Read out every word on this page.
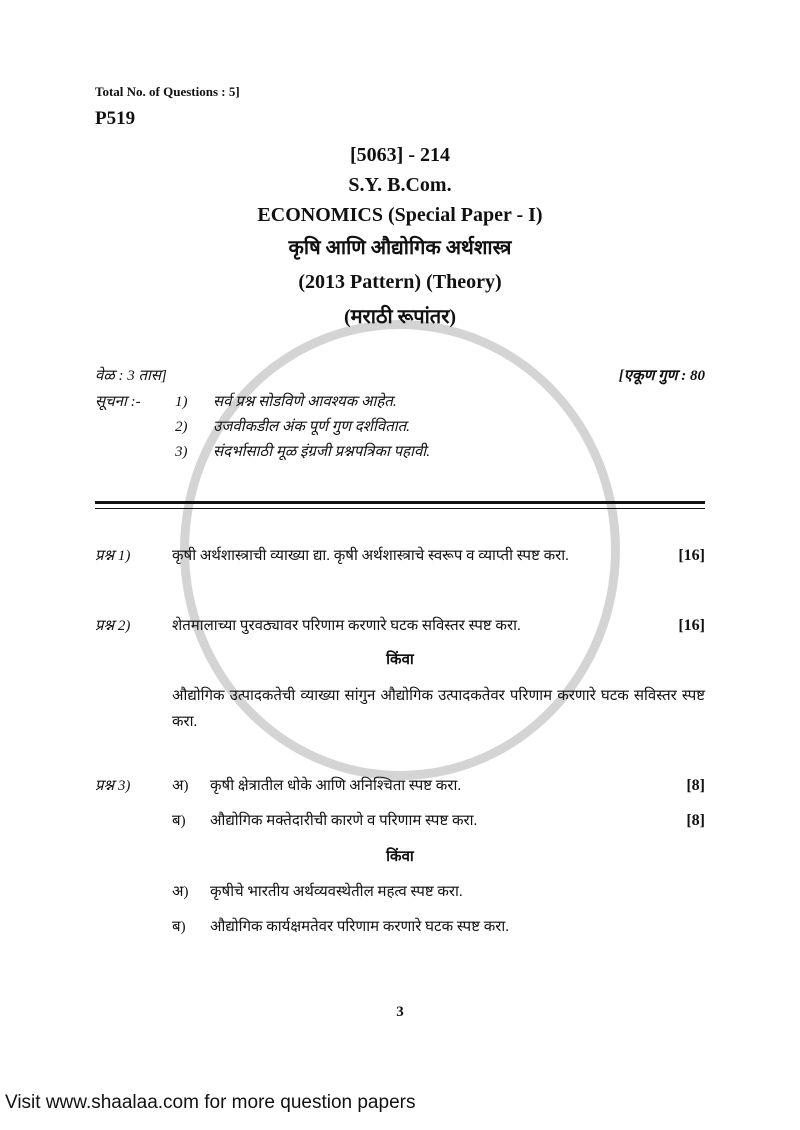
Total No. of Questions : 5]
P519
[5063] - 214
S.Y. B.Com.
ECONOMICS (Special Paper - I)
कृषि आणि औद्योगिक अर्थशास्त्र
(2013 Pattern) (Theory)
(मराठी रूपांतर)
वेळ : 3 तास]	[एकूण गुण : 80
सूचना :-	1)	सर्व प्रश्न सोडविणे आवश्यक आहेत.
2)	उजवीकडील अंक पूर्ण गुण दर्शवितात.
3)	संदर्भासाठी मूळ इंग्रजी प्रश्नपत्रिका पहावी.
प्रश्न 1)	कृषी अर्थशास्त्राची व्याख्या द्या. कृषी अर्थशास्त्राचे स्वरूप व व्याप्ती स्पष्ट करा.	[16]
प्रश्न 2)	शेतमालाच्या पुरवठ्यावर परिणाम करणारे घटक सविस्तर स्पष्ट करा.	[16]
किंवा
औद्योगिक उत्पादकतेची व्याख्या सांगुन औद्योगिक उत्पादकतेवर परिणाम करणारे घटक सविस्तर स्पष्ट करा.
प्रश्न 3)	अ)	कृषी क्षेत्रातील धोके आणि अनिश्चिता स्पष्ट करा.	[8]
ब)	औद्योगिक मक्तेदारीची कारणे व परिणाम स्पष्ट करा.	[8]
किंवा
अ)	कृषीचे भारतीय अर्थव्यवस्थेतील महत्व स्पष्ट करा.
ब)	औद्योगिक कार्यक्षमतेवर परिणाम करणारे घटक स्पष्ट करा.
3
Visit www.shaalaa.com for more question papers
